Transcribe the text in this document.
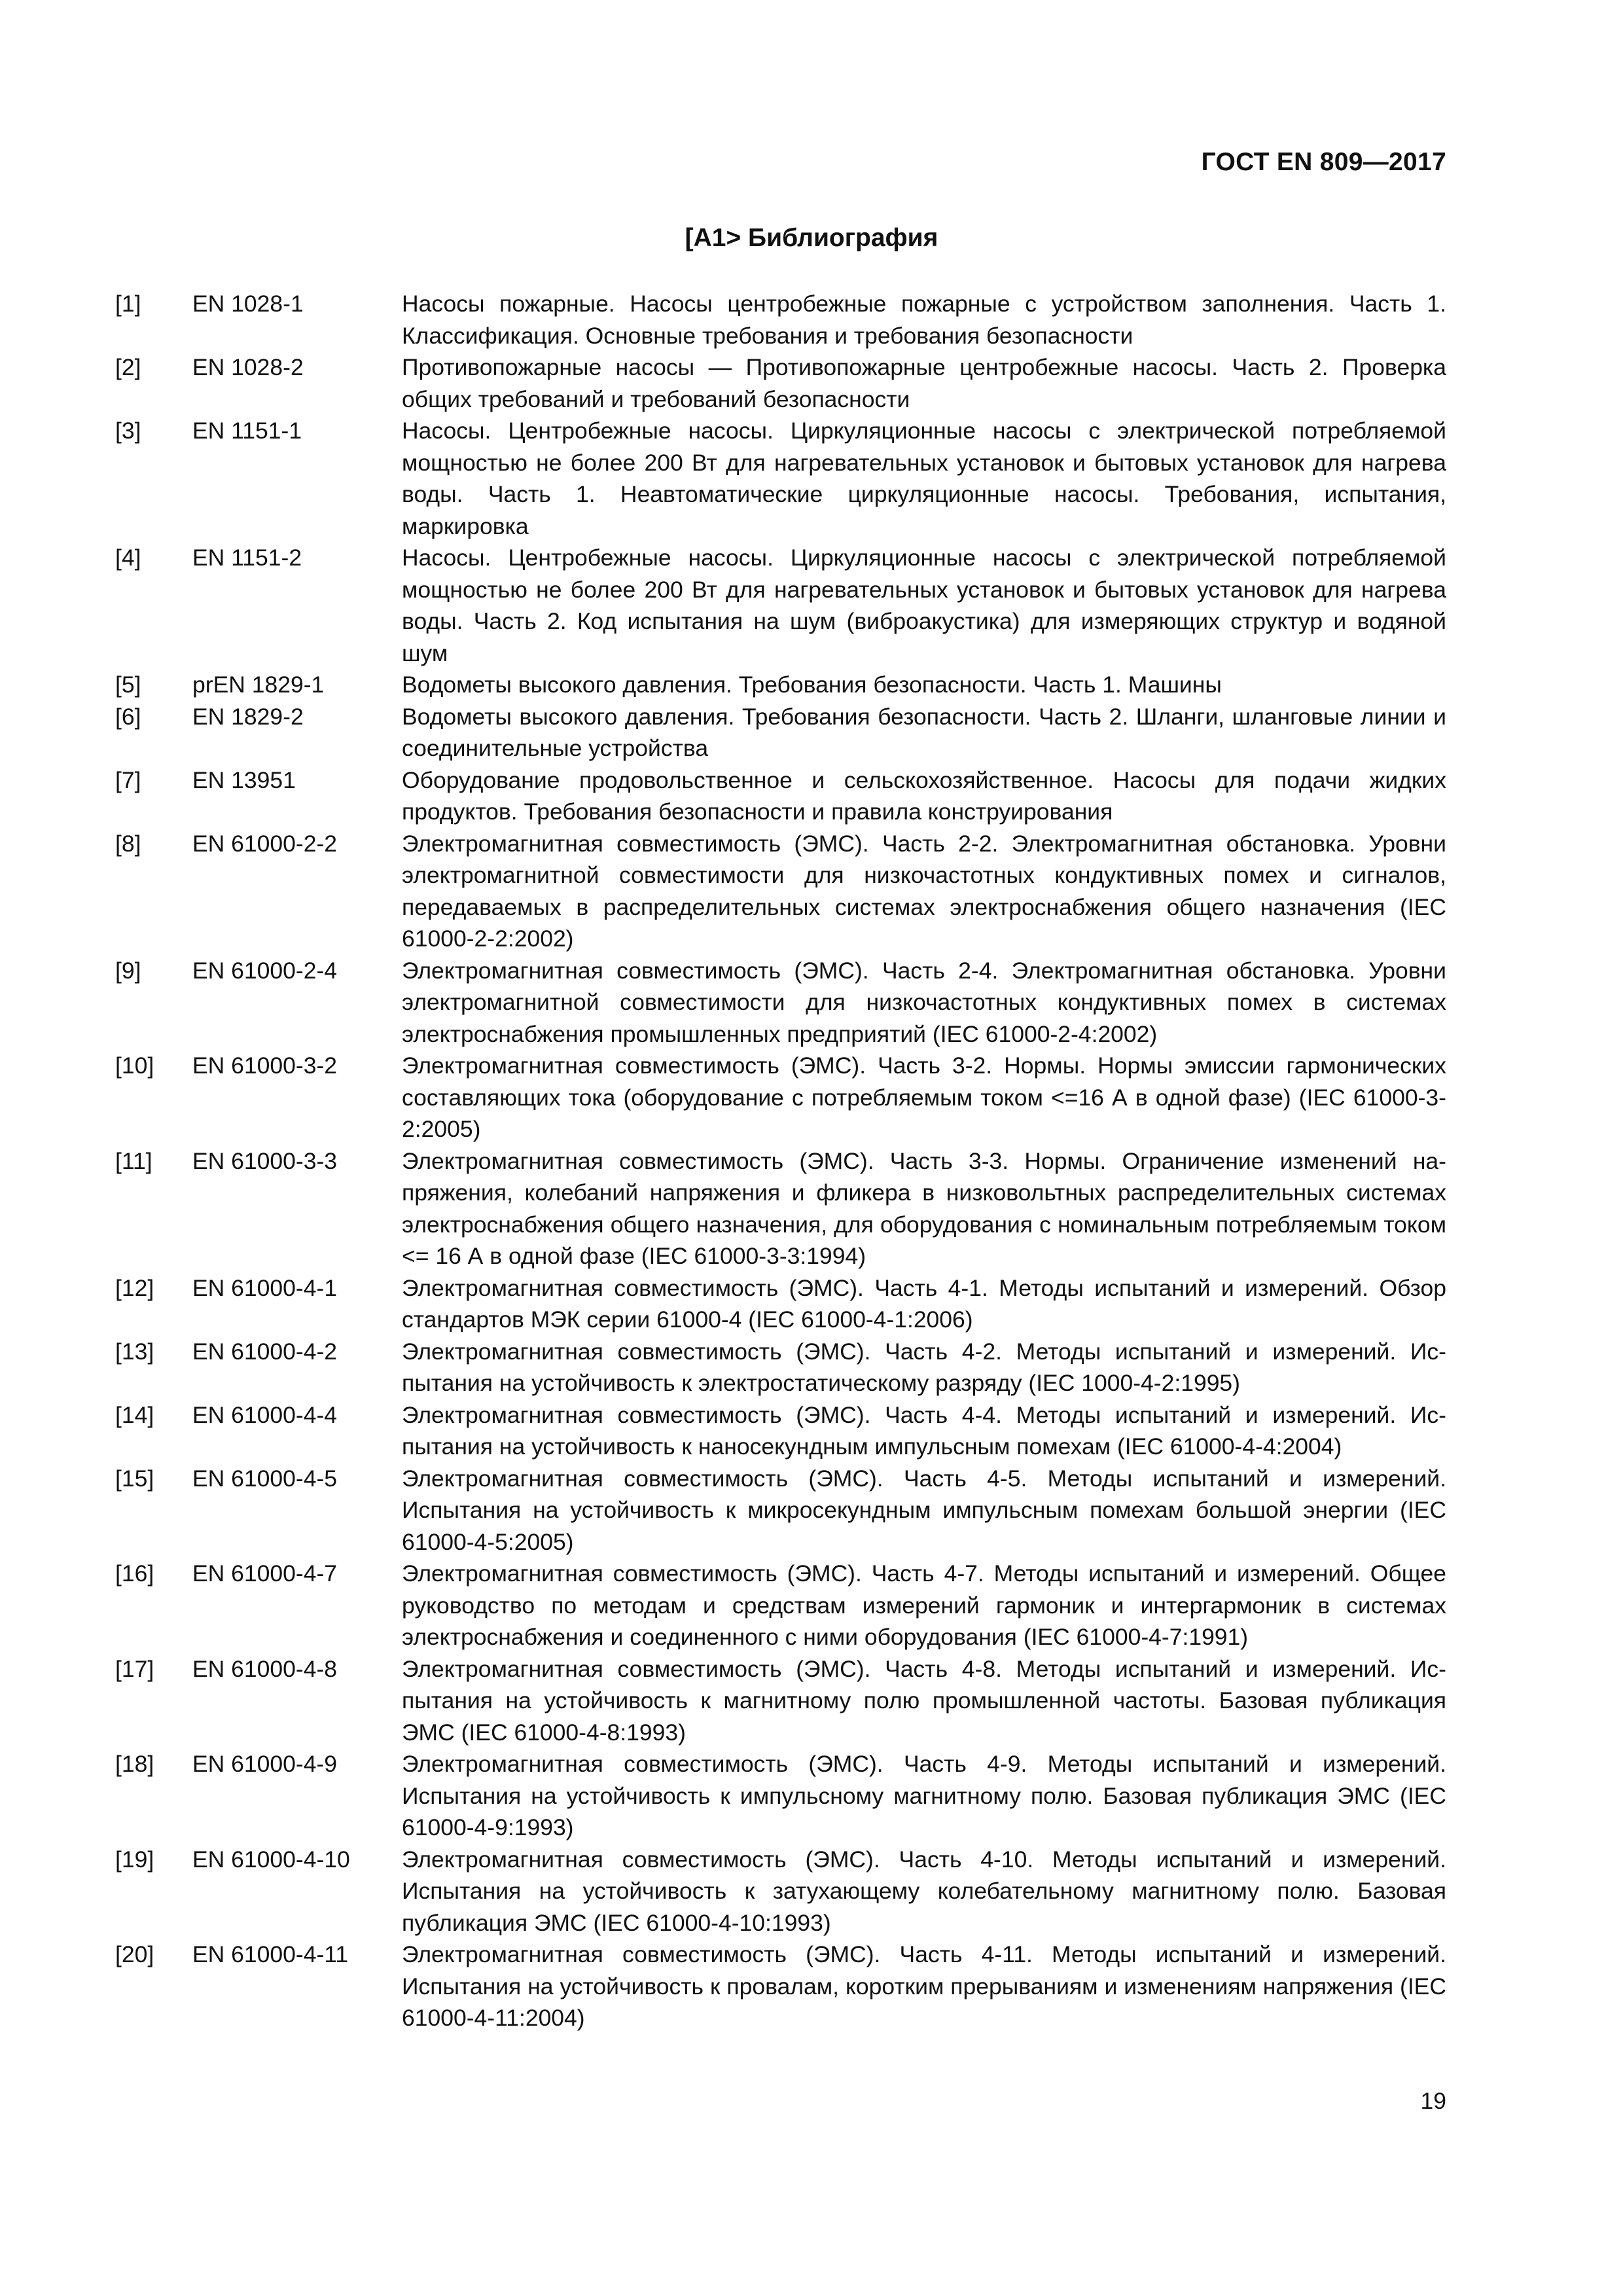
ГОСТ EN 809—2017
[A1> Библиография
[1]	EN 1028-1	Насосы пожарные. Насосы центробежные пожарные с устройством заполнения. Часть 1. Классификация. Основные требования и требования безопасности
[2]	EN 1028-2	Противопожарные насосы — Противопожарные центробежные насосы. Часть 2. Проверка общих требований и требований безопасности
[3]	EN 1151-1	Насосы. Центробежные насосы. Циркуляционные насосы с электрической потребляемой мощностью не более 200 Вт для нагревательных установок и бытовых установок для нагрева воды. Часть 1. Неавтоматические циркуляционные насосы. Требования, испытания, маркировка
[4]	EN 1151-2	Насосы. Центробежные насосы. Циркуляционные насосы с электрической потребляемой мощностью не более 200 Вт для нагревательных установок и бытовых установок для нагрева воды. Часть 2. Код испытания на шум (виброакустика) для измеряющих структур и водяной шум
[5]	prEN 1829-1	Водометы высокого давления. Требования безопасности. Часть 1. Машины
[6]	EN 1829-2	Водометы высокого давления. Требования безопасности. Часть 2. Шланги, шланговые линии и соединительные устройства
[7]	EN 13951	Оборудование продовольственное и сельскохозяйственное. Насосы для подачи жидких продуктов. Требования безопасности и правила конструирования
[8]	EN 61000-2-2	Электромагнитная совместимость (ЭМС). Часть 2-2. Электромагнитная обстановка. Уровни электромагнитной совместимости для низкочастотных кондуктивных помех и сигналов, передаваемых в распределительных системах электроснабжения общего назначения (IEC 61000-2-2:2002)
[9]	EN 61000-2-4	Электромагнитная совместимость (ЭМС). Часть 2-4. Электромагнитная обстановка. Уровни электромагнитной совместимости для низкочастотных кондуктивных помех в системах электроснабжения промышленных предприятий (IEC 61000-2-4:2002)
[10]	EN 61000-3-2	Электромагнитная совместимость (ЭМС). Часть 3-2. Нормы. Нормы эмиссии гармонических составляющих тока (оборудование с потребляемым током <=16 А в одной фазе) (IEC 61000-3-2:2005)
[11]	EN 61000-3-3	Электромагнитная совместимость (ЭМС). Часть 3-3. Нормы. Ограничение изменений напряжения, колебаний напряжения и фликера в низковольтных распределительных системах электроснабжения общего назначения, для оборудования с номинальным потребляемым током <= 16 А в одной фазе (IEC 61000-3-3:1994)
[12]	EN 61000-4-1	Электромагнитная совместимость (ЭМС). Часть 4-1. Методы испытаний и измерений. Обзор стандартов МЭК серии 61000-4 (IEC 61000-4-1:2006)
[13]	EN 61000-4-2	Электромагнитная совместимость (ЭМС). Часть 4-2. Методы испытаний и измерений. Испытания на устойчивость к электростатическому разряду (IEC 1000-4-2:1995)
[14]	EN 61000-4-4	Электромагнитная совместимость (ЭМС). Часть 4-4. Методы испытаний и измерений. Испытания на устойчивость к наносекундным импульсным помехам (IEC 61000-4-4:2004)
[15]	EN 61000-4-5	Электромагнитная совместимость (ЭМС). Часть 4-5. Методы испытаний и измерений. Испытания на устойчивость к микросекундным импульсным помехам большой энергии (IEC 61000-4-5:2005)
[16]	EN 61000-4-7	Электромагнитная совместимость (ЭМС). Часть 4-7. Методы испытаний и измерений. Общее руководство по методам и средствам измерений гармоник и интергармоник в системах электроснабжения и соединенного с ними оборудования (IEC 61000-4-7:1991)
[17]	EN 61000-4-8	Электромагнитная совместимость (ЭМС). Часть 4-8. Методы испытаний и измерений. Испытания на устойчивость к магнитному полю промышленной частоты. Базовая публикация ЭМС (IEC 61000-4-8:1993)
[18]	EN 61000-4-9	Электромагнитная совместимость (ЭМС). Часть 4-9. Методы испытаний и измерений. Испытания на устойчивость к импульсному магнитному полю. Базовая публикация ЭМС (IEC 61000-4-9:1993)
[19]	EN 61000-4-10	Электромагнитная совместимость (ЭМС). Часть 4-10. Методы испытаний и измерений. Испытания на устойчивость к затухающему колебательному магнитному полю. Базовая публикация ЭМС (IEC 61000-4-10:1993)
[20]	EN 61000-4-11	Электромагнитная совместимость (ЭМС). Часть 4-11. Методы испытаний и измерений. Испытания на устойчивость к провалам, коротким прерываниям и изменениям напряжения (IEC 61000-4-11:2004)
19
